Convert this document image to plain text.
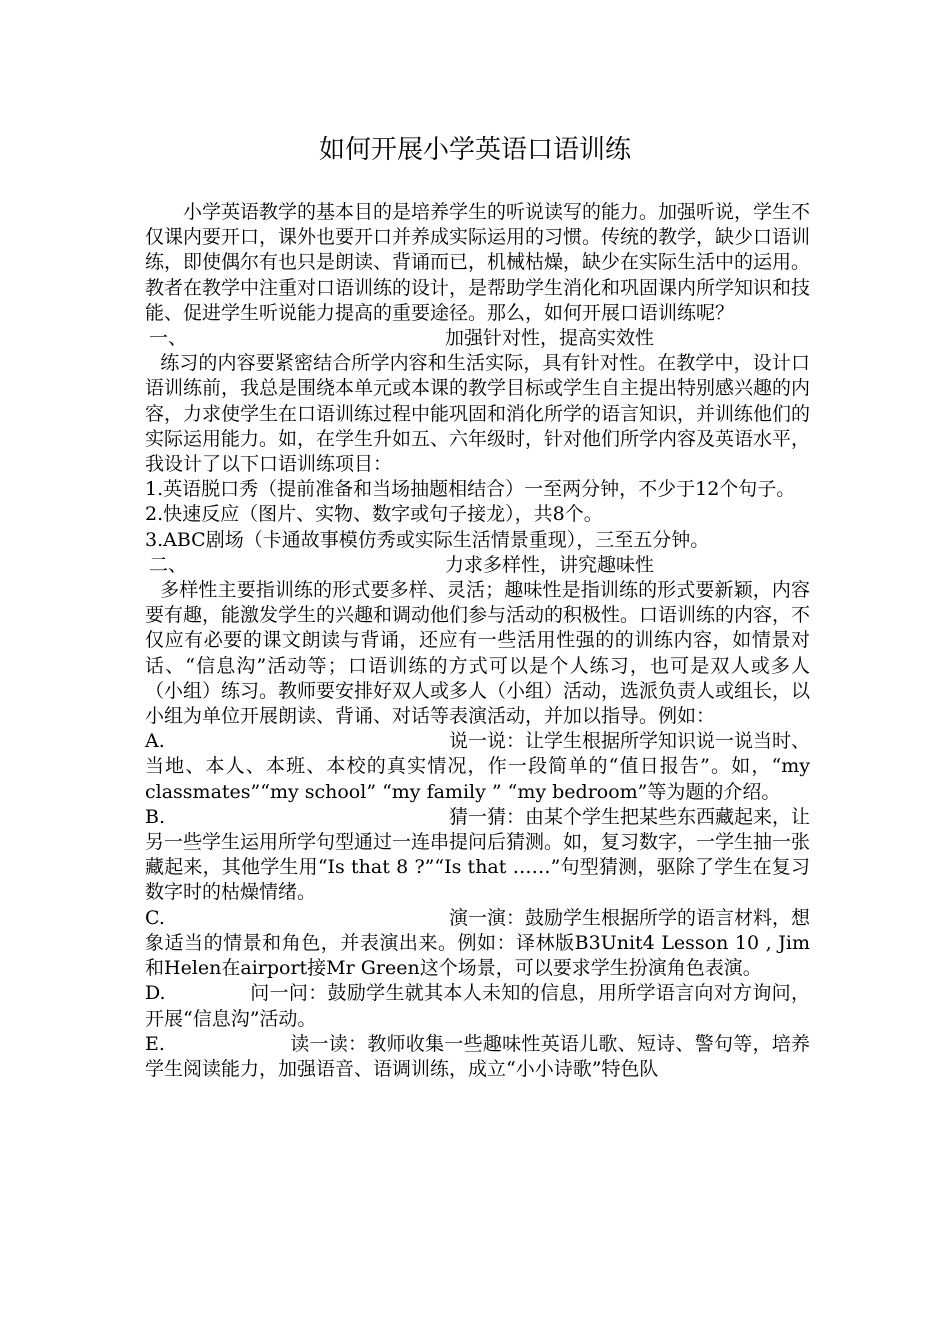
如何开展小学英语口语训练

小学英语教学的基本目的是培养学生的听说读写的能力。加强听说，学生不仅课内要开口，课外也要开口并养成实际运用的习惯。传统的教学，缺少口语训练，即使偶尔有也只是朗读、背诵而已，机械枯燥，缺少在实际生活中的运用。教者在教学中注重对口语训练的设计，是帮助学生消化和巩固课内所学知识和技能、促进学生听说能力提高的重要途径。那么，如何开展口语训练呢？

一、	加强针对性，提高实效性

练习的内容要紧密结合所学内容和生活实际，具有针对性。在教学中，设计口语训练前，我总是围绕本单元或本课的教学目标或学生自主提出特别感兴趣的内容，力求使学生在口语训练过程中能巩固和消化所学的语言知识，并训练他们的实际运用能力。如，在学生升如五、六年级时，针对他们所学内容及英语水平，我设计了以下口语训练项目：

1.英语脱口秀（提前准备和当场抽题相结合）一至两分钟，不少于12个句子。

2.快速反应（图片、实物、数字或句子接龙），共8个。

3.ABC剧场（卡通故事模仿秀或实际生活情景重现），三至五分钟。

二、	力求多样性，讲究趣味性

多样性主要指训练的形式要多样、灵活；趣味性是指训练的形式要新颖，内容要有趣，能激发学生的兴趣和调动他们参与活动的积极性。口语训练的内容，不仅应有必要的课文朗读与背诵，还应有一些活用性强的的训练内容，如情景对话、“信息沟”活动等；口语训练的方式可以是个人练习，也可是双人或多人（小组）练习。教师要安排好双人或多人（小组）活动，选派负责人或组长，以小组为单位开展朗读、背诵、对话等表演活动，并加以指导。例如：

A.	说一说：让学生根据所学知识说一说当时、当地、本人、本班、本校的真实情况，作一段简单的“值日报告”。如，“my classmates”“my school” “my family ” “my bedroom”等为题的介绍。

B.	猜一猜：由某个学生把某些东西藏起来，让另一些学生运用所学句型通过一连串提问后猜测。如，复习数字，一学生抽一张藏起来，其他学生用“Is that 8 ?”“Is that ……”句型猜测，驱除了学生在复习数字时的枯燥情绪。

C.	演一演：鼓励学生根据所学的语言材料，想象适当的情景和角色，并表演出来。例如：译林版B3Unit4 Lesson 10 , Jim和Helen在airport接Mr Green这个场景，可以要求学生扮演角色表演。

D.	问一问：鼓励学生就其本人未知的信息，用所学语言向对方询问，开展“信息沟”活动。

E.	读一读：教师收集一些趣味性英语儿歌、短诗、警句等，培养学生阅读能力，加强语音、语调训练，成立“小小诗歌”特色队
